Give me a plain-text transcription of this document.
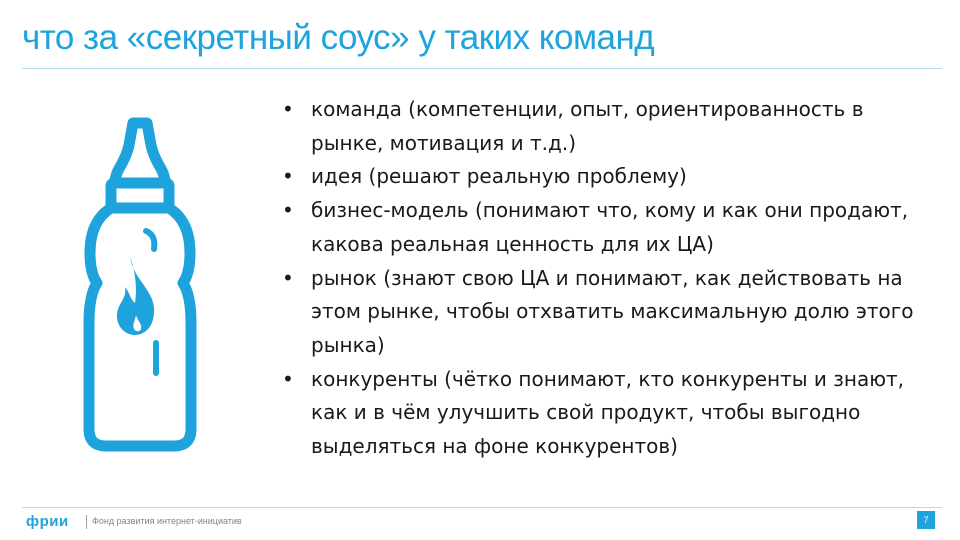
что за «секретный соус» у таких команд
• команда (компетенции, опыт, ориентированность в рынке, мотивация и т.д.)
• идея (решают реальную проблему)
• бизнес-модель (понимают что, кому и как они продают, какова реальная ценность для их ЦА)
• рынок (знают свою ЦА и понимают, как действовать на этом рынке, чтобы отхватить максимальную долю этого рынка)
• конкуренты (чётко понимают, кто конкуренты и знают, как и в чём улучшить свой продукт, чтобы выгодно выделяться на фоне конкурентов)
фрии	Фонд развития интернет-инициатив	7
